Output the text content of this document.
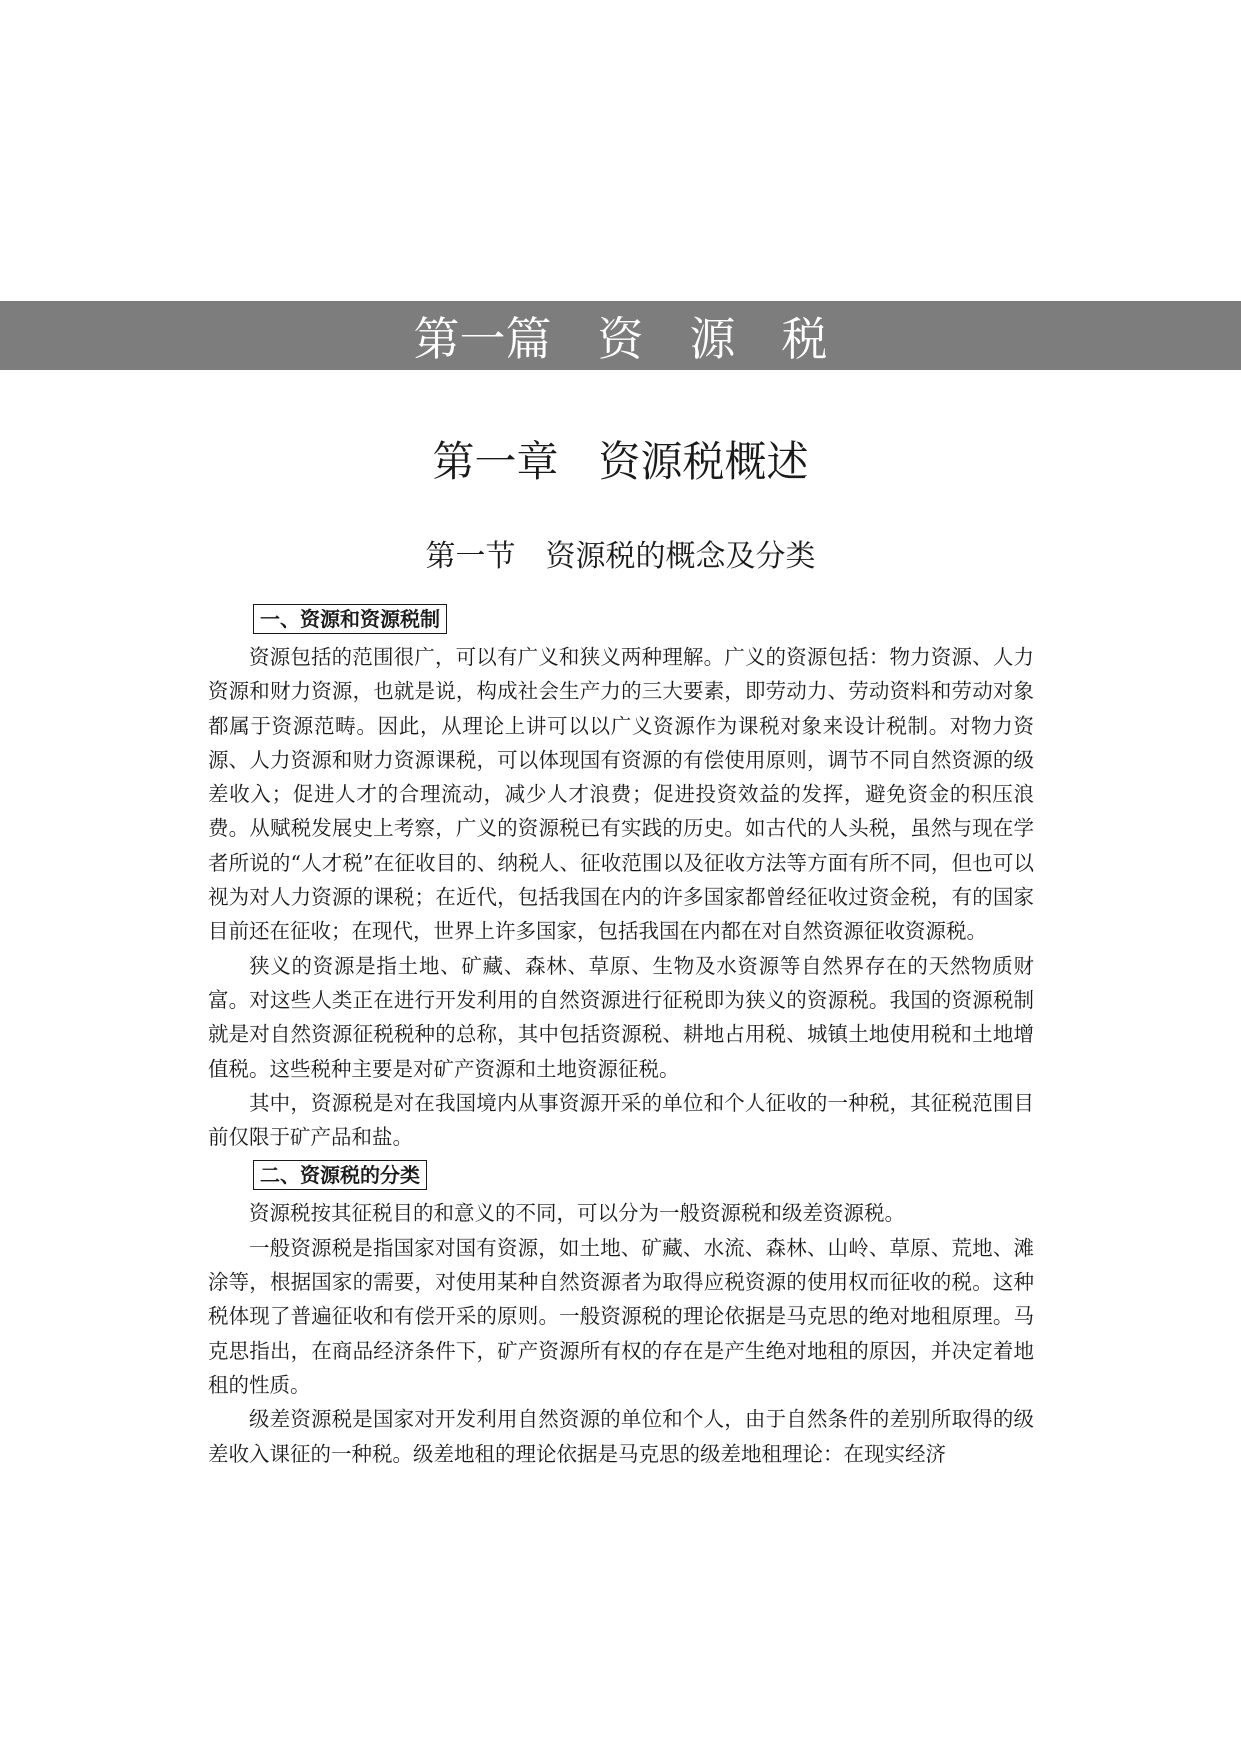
第一篇 资 源 税
第一章 资源税概述
第一节 资源税的概念及分类
一、资源和资源税制

资源包括的范围很广，可以有广义和狭义两种理解。广义的资源包括：物力资源、人力资源和财力资源，也就是说，构成社会生产力的三大要素，即劳动力、劳动资料和劳动对象都属于资源范畴。因此，从理论上讲可以以广义资源作为课税对象来设计税制。对物力资源、人力资源和财力资源课税，可以体现国有资源的有偿使用原则，调节不同自然资源的级差收入；促进人才的合理流动，减少人才浪费；促进投资效益的发挥，避免资金的积压浪费。从赋税发展史上考察，广义的资源税已有实践的历史。如古代的人头税，虽然与现在学者所说的“人才税”在征收目的、纳税人、征收范围以及征收方法等方面有所不同，但也可以视为对人力资源的课税；在近代，包括我国在内的许多国家都曾经征收过资金税，有的国家目前还在征收；在现代，世界上许多国家，包括我国在内都在对自然资源征收资源税。

狭义的资源是指土地、矿藏、森林、草原、生物及水资源等自然界存在的天然物质财富。对这些人类正在进行开发利用的自然资源进行征税即为狭义的资源税。我国的资源税制就是对自然资源征税税种的总称，其中包括资源税、耕地占用税、城镇土地使用税和土地增值税。这些税种主要是对矿产资源和土地资源征税。

其中，资源税是对在我国境内从事资源开采的单位和个人征收的一种税，其征税范围目前仅限于矿产品和盐。

二、资源税的分类

资源税按其征税目的和意义的不同，可以分为一般资源税和级差资源税。

一般资源税是指国家对国有资源，如土地、矿藏、水流、森林、山岭、草原、荒地、滩涂等，根据国家的需要，对使用某种自然资源者为取得应税资源的使用权而征收的税。这种税体现了普遍征收和有偿开采的原则。一般资源税的理论依据是马克思的绝对地租原理。马克思指出，在商品经济条件下，矿产资源所有权的存在是产生绝对地租的原因，并决定着地租的性质。

级差资源税是国家对开发利用自然资源的单位和个人，由于自然条件的差别所取得的级差收入课征的一种税。级差地租的理论依据是马克思的级差地租理论：在现实经济
